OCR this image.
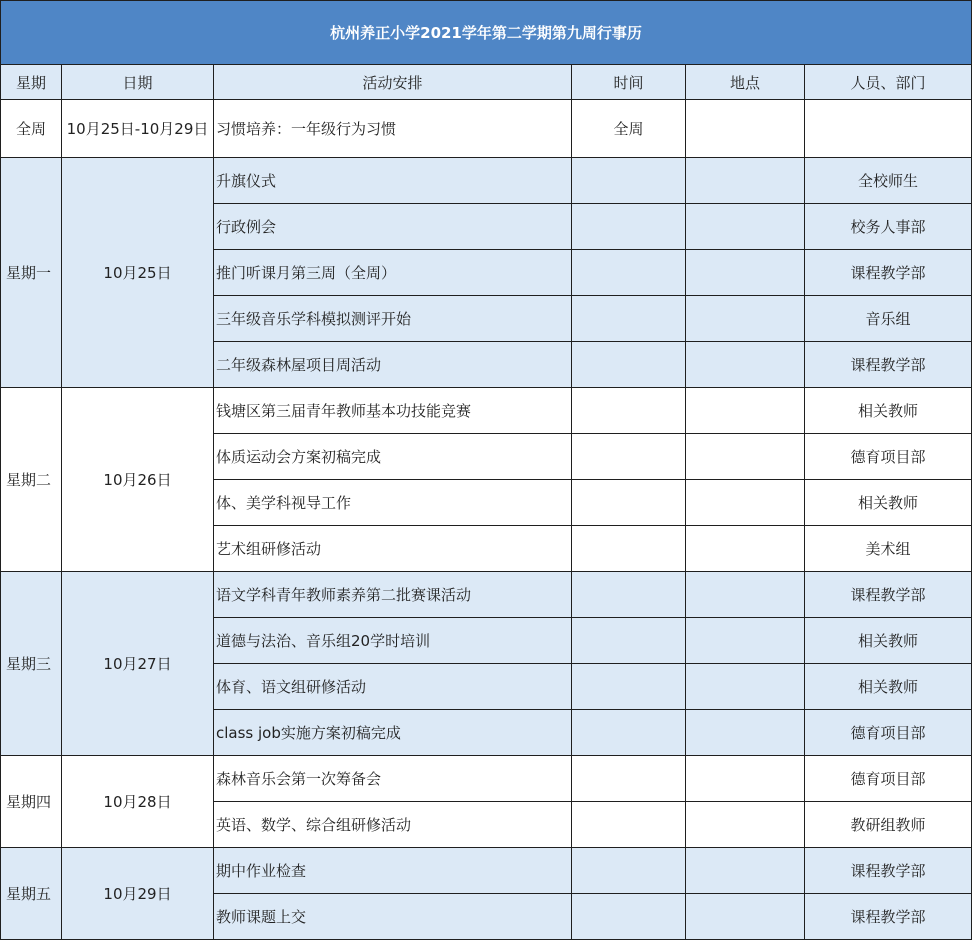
杭州养正小学2021学年第二学期第九周行事历					
星期	日期	活动安排	时间	地点	人员、部门
全周	10月25日-10月29日	习惯培养：一年级行为习惯	全周		
星期一	10月25日	升旗仪式			全校师生
		行政例会			校务人事部
		推门听课月第三周（全周）			课程教学部
		三年级音乐学科模拟测评开始			音乐组
		二年级森林屋项目周活动			课程教学部
星期二	10月26日	钱塘区第三届青年教师基本功技能竞赛			相关教师
		体质运动会方案初稿完成			德育项目部
		体、美学科视导工作			相关教师
		艺术组研修活动			美术组
星期三	10月27日	语文学科青年教师素养第二批赛课活动			课程教学部
		道德与法治、音乐组20学时培训			相关教师
		体育、语文组研修活动			相关教师
		class job实施方案初稿完成			德育项目部
星期四	10月28日	森林音乐会第一次筹备会			德育项目部
		英语、数学、综合组研修活动			教研组教师
星期五	10月29日	期中作业检查			课程教学部
		教师课题上交			课程教学部
